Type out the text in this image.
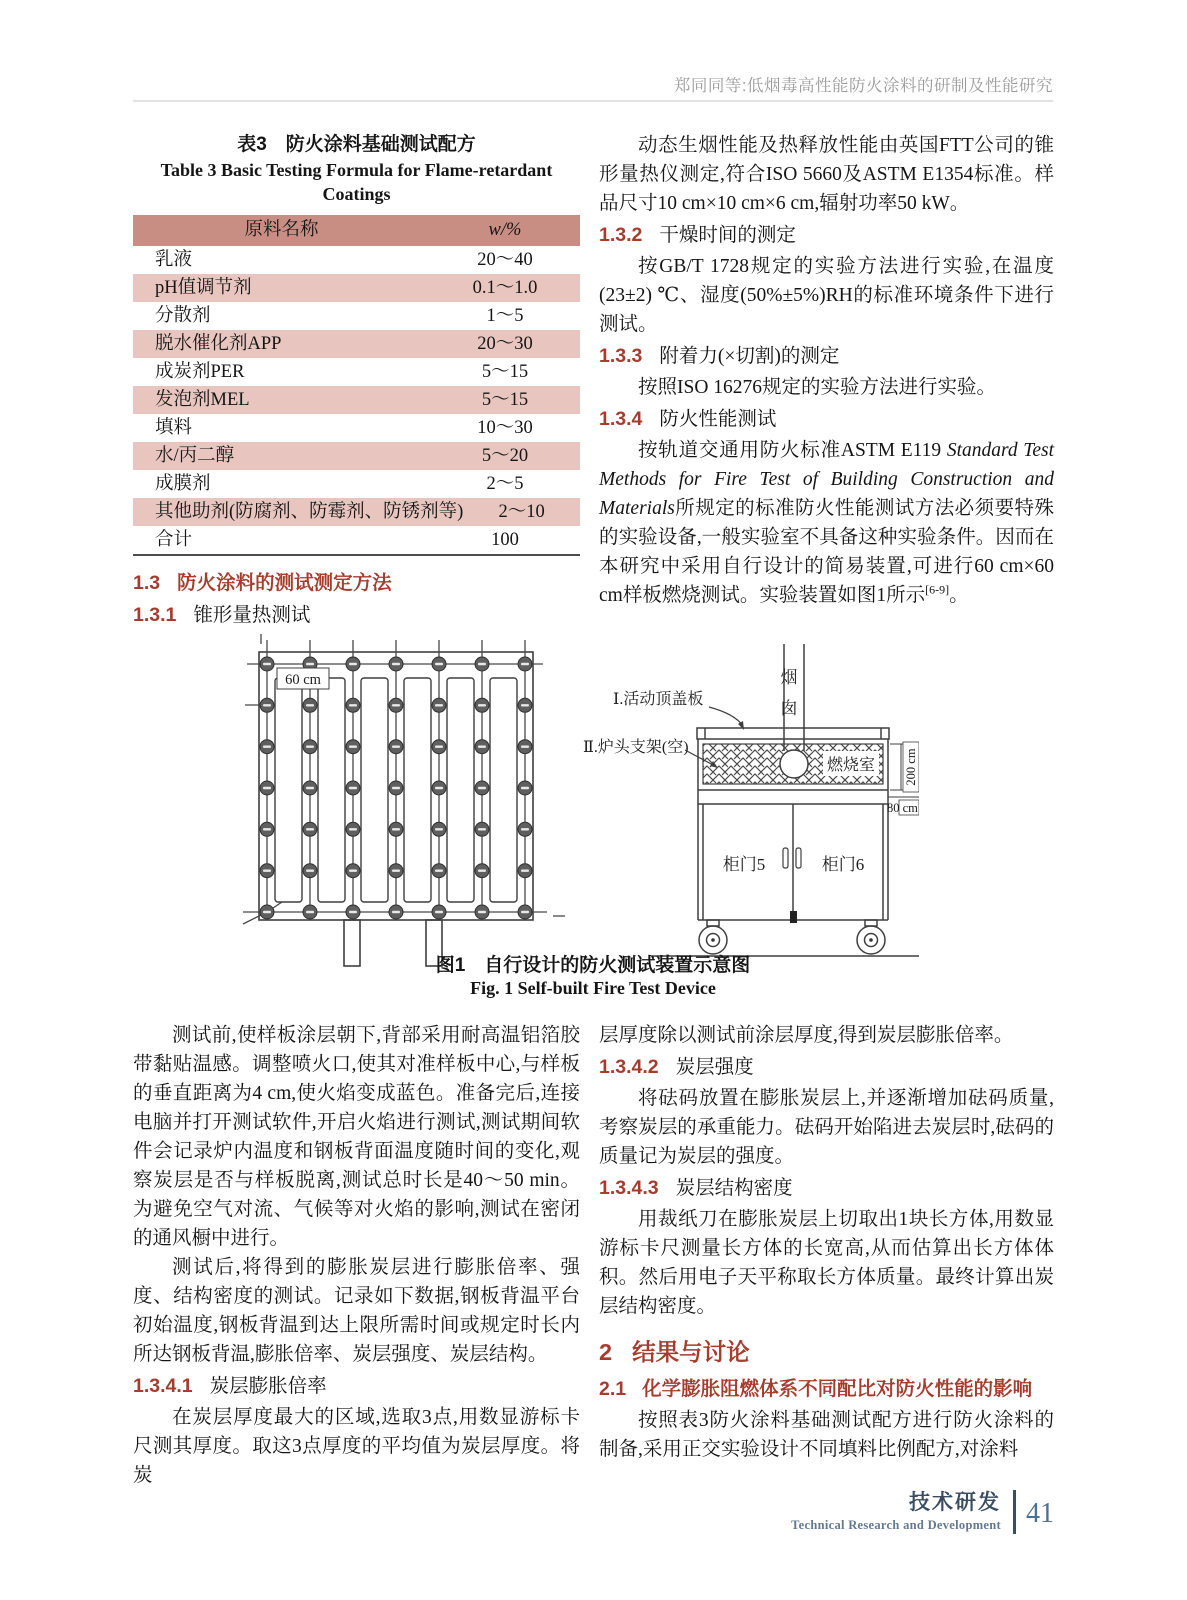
郑同同等:低烟毒高性能防火涂料的研制及性能研究
表3　防火涂料基础测试配方
Table 3 Basic Testing Formula for Flame-retardant
Coatings
原料名称	w/%
乳液	20～40
pH值调节剂	0.1～1.0
分散剂	1～5
脱水催化剂APP	20～30
成炭剂PER	5～15
发泡剂MEL	5～15
填料	10～30
水/丙二醇	5～20
成膜剂	2～5
其他助剂(防腐剂、防霉剂、防锈剂等)	2～10
合计	100
1.3 防火涂料的测试测定方法
1.3.1 锥形量热测试

动态生烟性能及热释放性能由英国FTT公司的锥形量热仪测定,符合ISO 5660及ASTM E1354标准。样品尺寸10 cm×10 cm×6 cm,辐射功率50 kW。

1.3.2 干燥时间的测定

按GB/T 1728规定的实验方法进行实验,在温度(23±2) ℃、湿度(50%±5%)RH的标准环境条件下进行测试。

1.3.3 附着力(×切割)的测定

按照ISO 16276规定的实验方法进行实验。

1.3.4 防火性能测试

按轨道交通用防火标准ASTM E119 Standard Test Methods for Fire Test of Building Construction and Materials所规定的标准防火性能测试方法必须要特殊的实验设备,一般实验室不具备这种实验条件。因而在本研究中采用自行设计的简易装置,可进行60 cm×60 cm样板燃烧测试。实验装置如图1所示[6-9]。

60 cm	烟囱
燃烧室
Ⅰ.活动顶盖板
Ⅱ.炉头支架(空)
柜门5	柜门6
200 cm
80 cm
图1　自行设计的防火测试装置示意图
Fig. 1 Self-built Fire Test Device

测试前,使样板涂层朝下,背部采用耐高温铝箔胶带黏贴温感。调整喷火口,使其对准样板中心,与样板的垂直距离为4 cm,使火焰变成蓝色。准备完后,连接电脑并打开测试软件,开启火焰进行测试,测试期间软件会记录炉内温度和钢板背面温度随时间的变化,观察炭层是否与样板脱离,测试总时长是40～50 min。为避免空气对流、气候等对火焰的影响,测试在密闭的通风橱中进行。

测试后,将得到的膨胀炭层进行膨胀倍率、强度、结构密度的测试。记录如下数据,钢板背温平台初始温度,钢板背温到达上限所需时间或规定时长内所达钢板背温,膨胀倍率、炭层强度、炭层结构。

1.3.4.1 炭层膨胀倍率

在炭层厚度最大的区域,选取3点,用数显游标卡尺测其厚度。取这3点厚度的平均值为炭层厚度。将炭

层厚度除以测试前涂层厚度,得到炭层膨胀倍率。

1.3.4.2 炭层强度

将砝码放置在膨胀炭层上,并逐渐增加砝码质量,考察炭层的承重能力。砝码开始陷进去炭层时,砝码的质量记为炭层的强度。

1.3.4.3 炭层结构密度

用裁纸刀在膨胀炭层上切取出1块长方体,用数显游标卡尺测量长方体的长宽高,从而估算出长方体体积。然后用电子天平称取长方体质量。最终计算出炭层结构密度。

2 结果与讨论
2.1 化学膨胀阻燃体系不同配比对防火性能的影响

按照表3防火涂料基础测试配方进行防火涂料的制备,采用正交实验设计不同填料比例配方,对涂料

技术研发
Technical Research and Development 41
